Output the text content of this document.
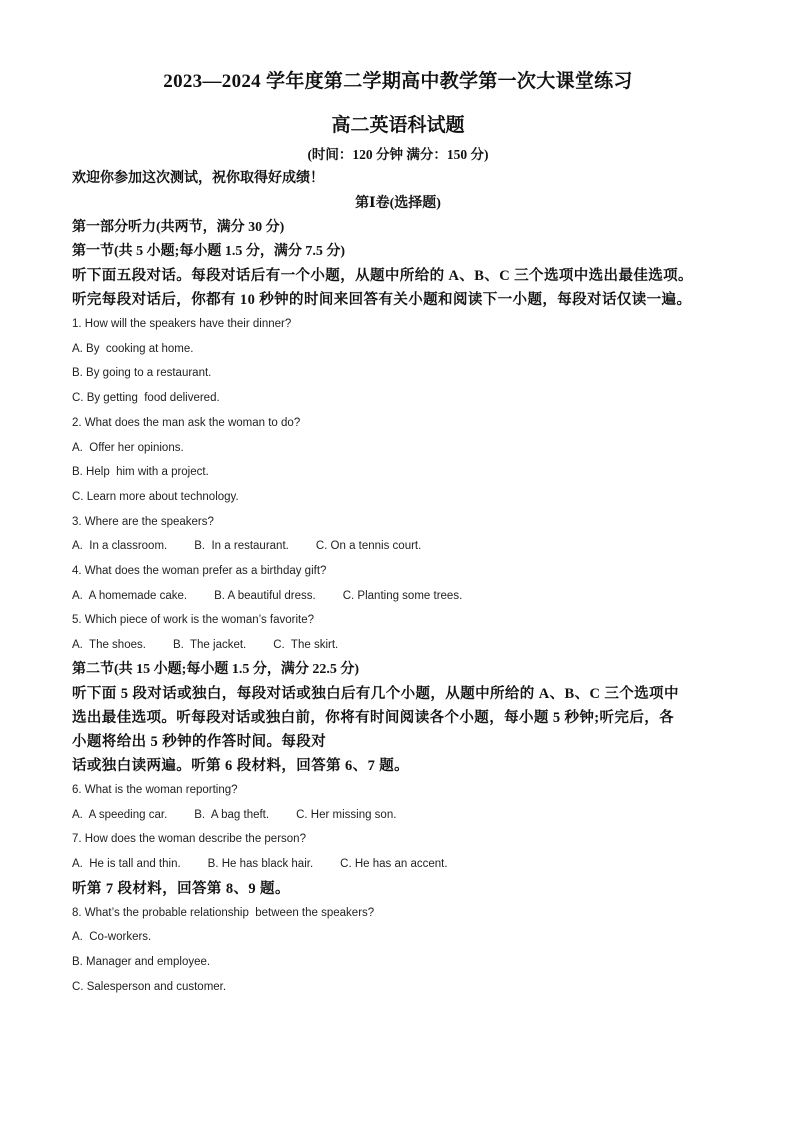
2023—2024 学年度第二学期高中教学第一次大课堂练习
高二英语科试题
(时间：120 分钟 满分：150 分)
欢迎你参加这次测试，祝你取得好成绩！
第Ⅰ卷(选择题)
第一部分听力(共两节，满分 30 分)
第一节(共 5 小题;每小题 1.5 分，满分 7.5 分)
听下面五段对话。每段对话后有一个小题，从题中所给的 A、B、C 三个选项中选出最佳选项。
听完每段对话后，你都有 10 秒钟的时间来回答有关小题和阅读下一小题，每段对话仅读一遍。
1. How will the speakers have their dinner?
A. By  cooking at home.
B. By going to a restaurant.
C. By getting  food delivered.
2. What does the man ask the woman to do?
A.  Offer her opinions.
B. Help  him with a project.
C. Learn more about technology.
3. Where are the speakers?
A.  In a classroom. B.  In a restaurant. C. On a tennis court.
4. What does the woman prefer as a birthday gift?
A.  A homemade cake. B. A beautiful dress. C. Planting some trees.
5. Which piece of work is the woman’s favorite?
A.  The shoes. B.  The jacket. C.  The skirt.
第二节(共 15 小题;每小题 1.5 分，满分 22.5 分)
听下面 5 段对话或独白，每段对话或独白后有几个小题，从题中所给的 A、B、C 三个选项中
选出最佳选项。听每段对话或独白前，你将有时间阅读各个小题，每小题 5 秒钟;听完后，各
小题将给出 5 秒钟的作答时间。每段对
话或独白读两遍。听第 6 段材料，回答第 6、7 题。
6. What is the woman reporting?
A.  A speeding car. B.  A bag theft. C. Her missing son.
7. How does the woman describe the person?
A.  He is tall and thin. B. He has black hair. C. He has an accent.
听第 7 段材料，回答第 8、9 题。
8. What’s the probable relationship  between the speakers?
A.  Co-workers.
B. Manager and employee.
C. Salesperson and customer.
